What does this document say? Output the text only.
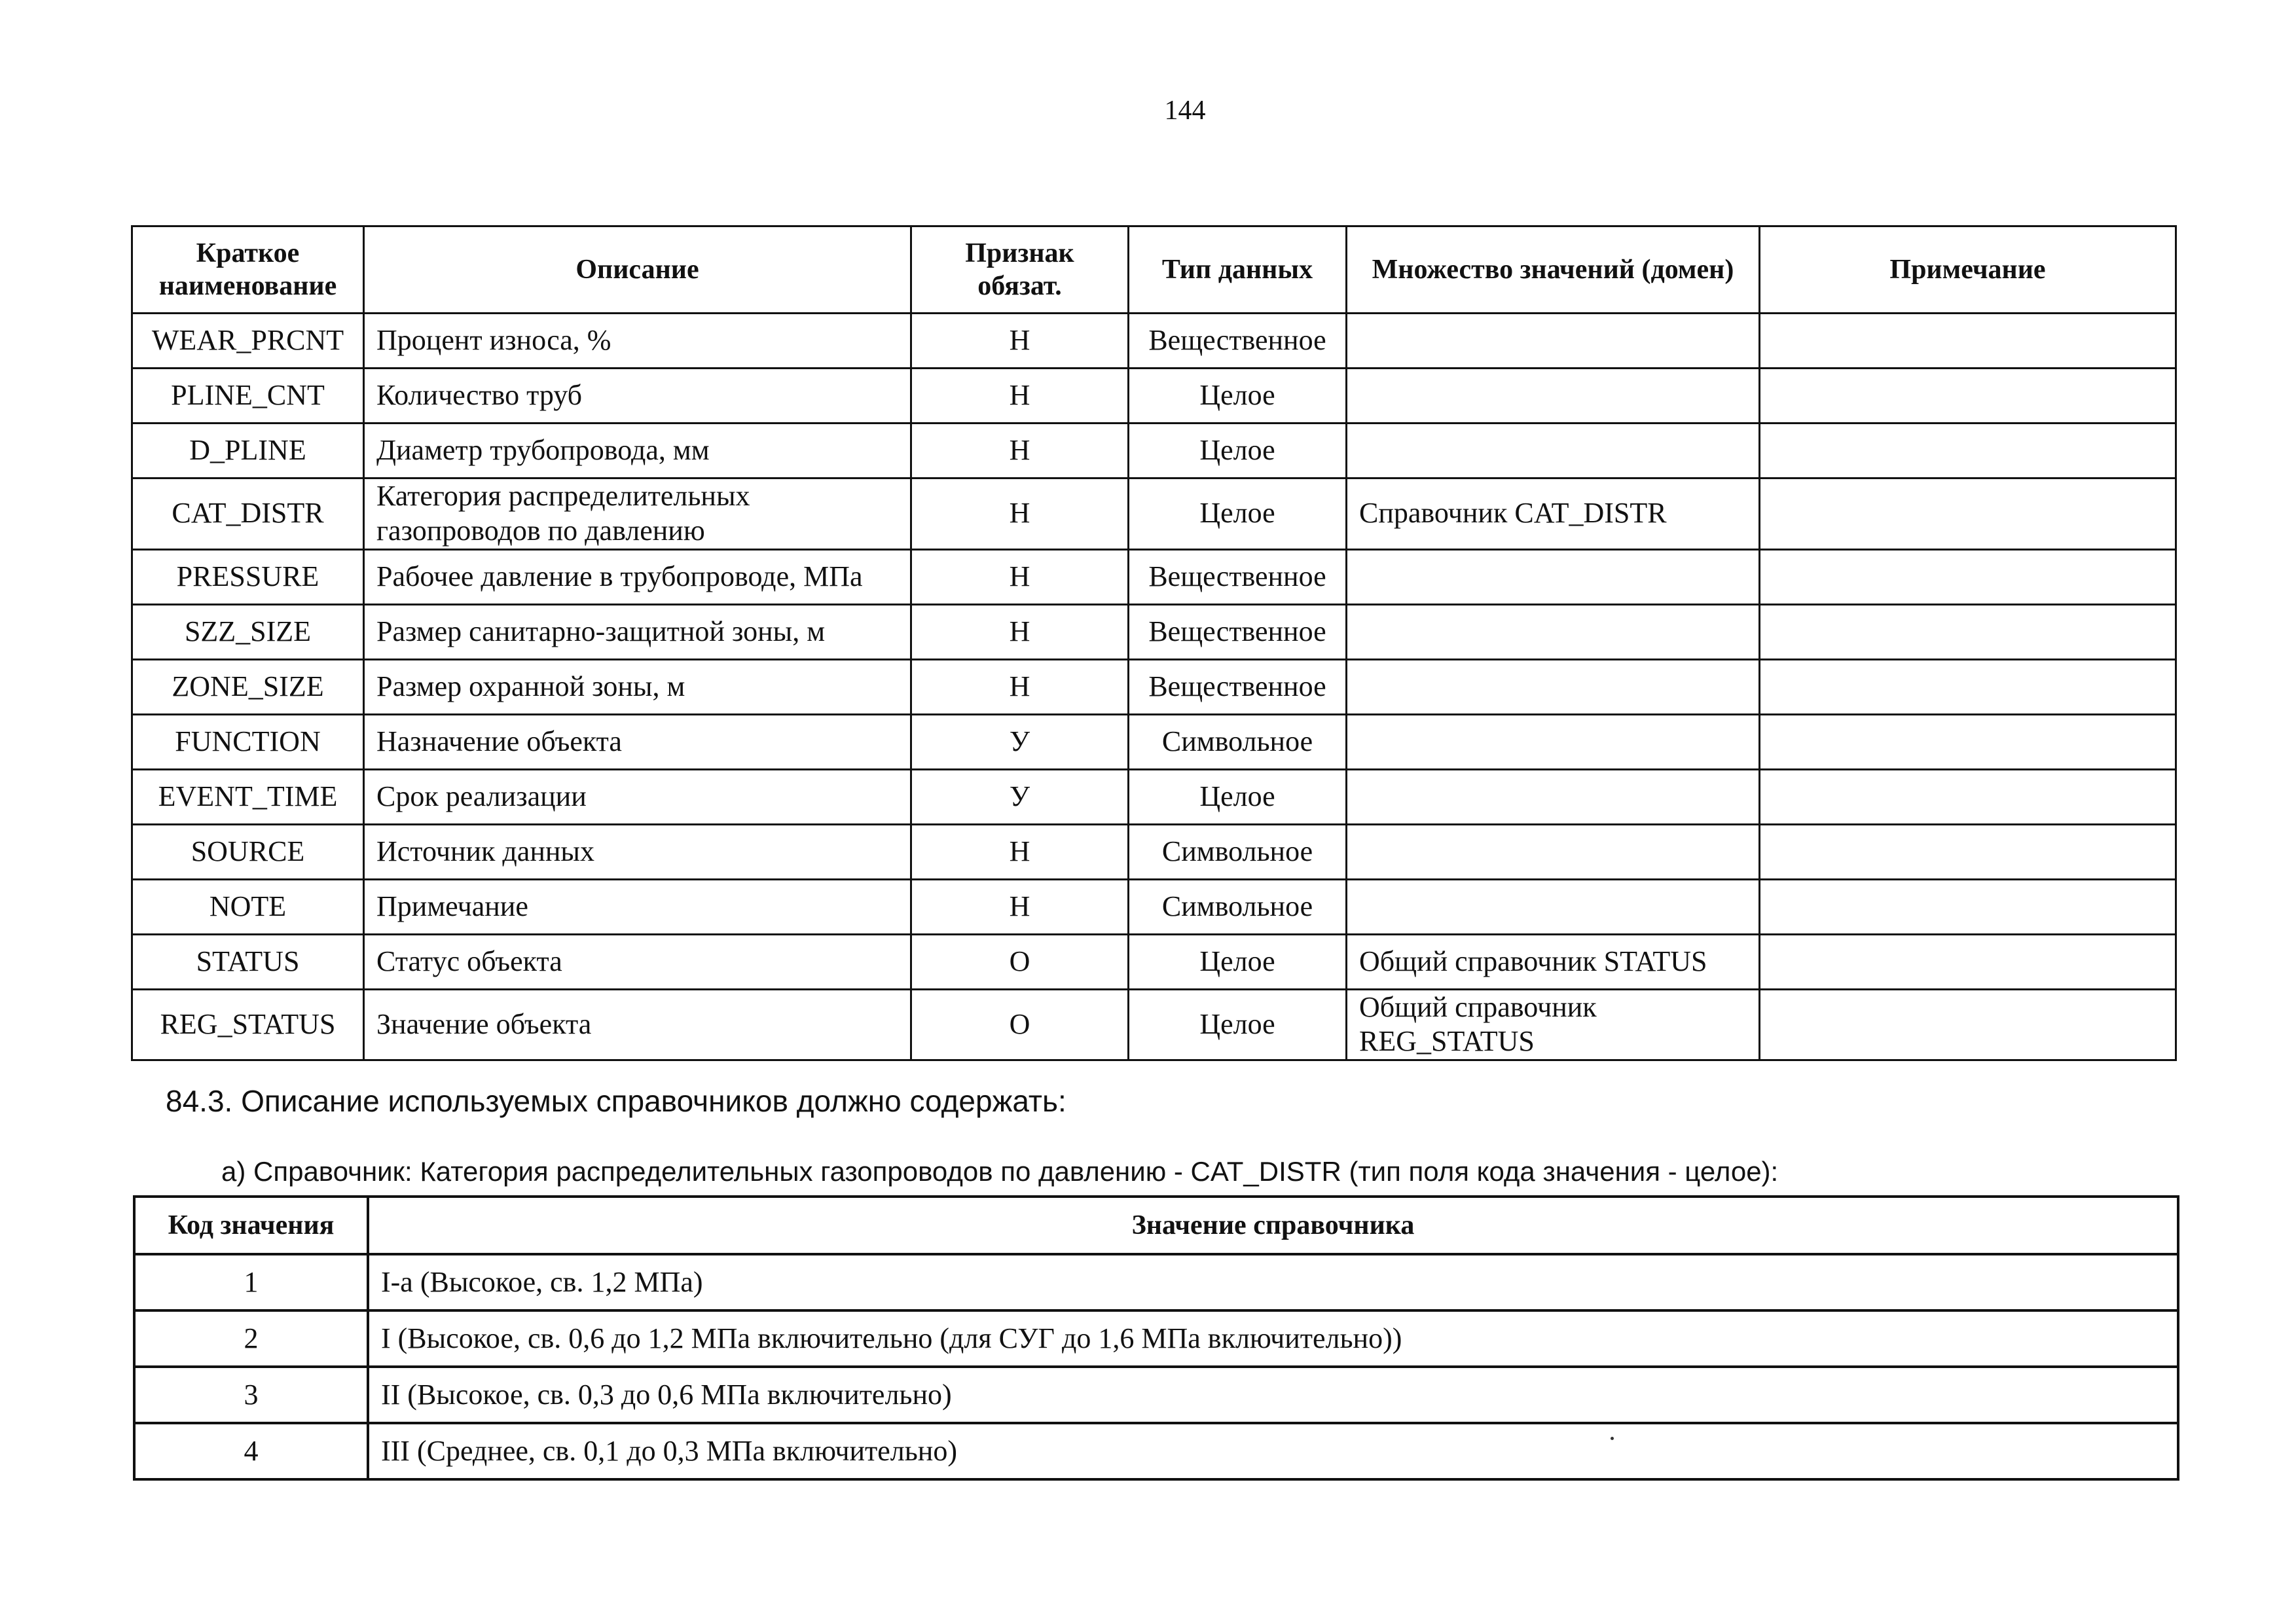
144
Краткое наименование	Описание	Признак обязат.	Тип данных	Множество значений (домен)	Примечание
WEAR_PRCNT	Процент износа, %	Н	Вещественное		
PLINE_CNT	Количество труб	Н	Целое		
D_PLINE	Диаметр трубопровода, мм	Н	Целое		
CAT_DISTR	Категория распределительных газопроводов по давлению	Н	Целое	Справочник CAT_DISTR	
PRESSURE	Рабочее давление в трубопроводе, МПа	Н	Вещественное		
SZZ_SIZE	Размер санитарно-защитной зоны, м	Н	Вещественное		
ZONE_SIZE	Размер охранной зоны, м	Н	Вещественное		
FUNCTION	Назначение объекта	У	Символьное		
EVENT_TIME	Срок реализации	У	Целое		
SOURCE	Источник данных	Н	Символьное		
NOTE	Примечание	Н	Символьное		
STATUS	Статус объекта	О	Целое	Общий справочник STATUS	
REG_STATUS	Значение объекта	О	Целое	Общий справочник REG_STATUS	
84.3. Описание используемых справочников должно содержать:
а) Справочник: Категория распределительных газопроводов по давлению - CAT_DISTR (тип поля кода значения - целое):
Код значения	Значение справочника
1	I-а (Высокое, св. 1,2 МПа)
2	I (Высокое, св. 0,6 до 1,2 МПа включительно (для СУГ до 1,6 МПа включительно))
3	II (Высокое, св. 0,3 до 0,6 МПа включительно)
4	III (Среднее, св. 0,1 до 0,3 МПа включительно)
